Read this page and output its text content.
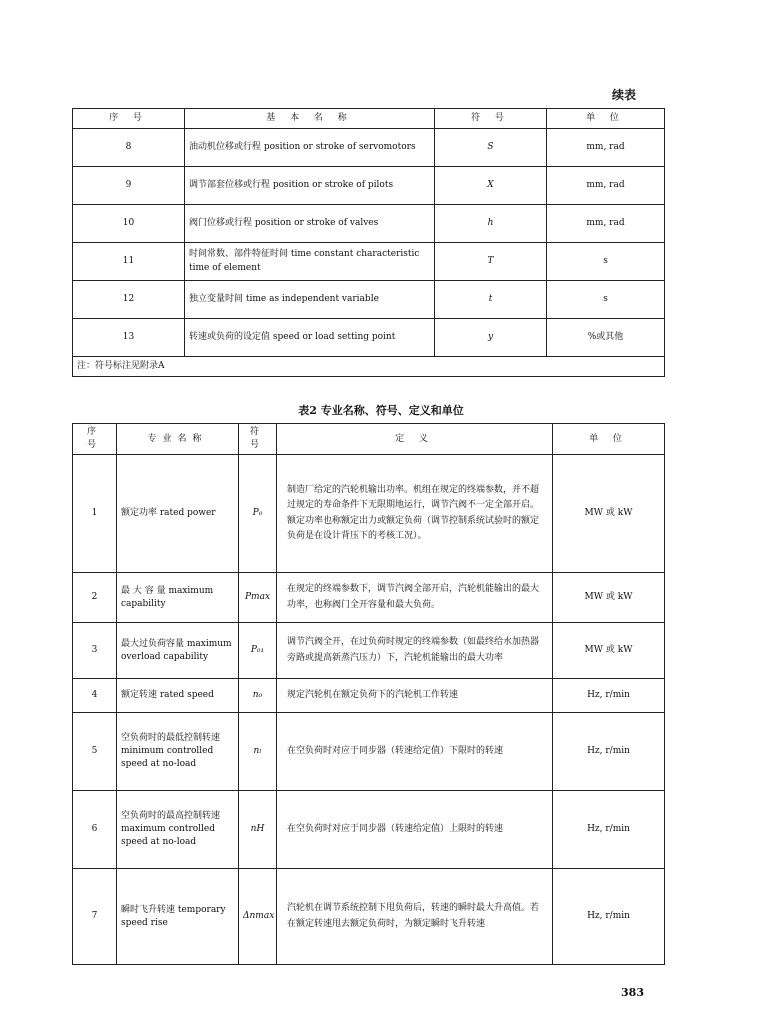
续表
序 号	基 本 名 称	符 号	单 位
8	油动机位移或行程 position or stroke of servomotors	S	mm, rad
9	调节部套位移或行程 position or stroke of pilots	X	mm, rad
10	阀门位移或行程 position or stroke of valves	h	mm, rad
11	时间常数、部件特征时间 time constant characteristic time of element	T	s
12	独立变量时间 time as independent variable	t	s
13	转速或负荷的设定值 speed or load setting point	y	%或其他
注：符号标注见附录A			
表2 专业名称、符号、定义和单位
序 号	专业名称	符 号	定 义	单 位
1	额定功率 rated power	P₀	制造厂给定的汽轮机输出功率。机组在规定的终端参数，并不超过规定的寿命条件下无限期地运行，调节汽阀不一定全部开启。额定功率也称额定出力或额定负荷（调节控制系统试验时的额定负荷是在设计背压下的考核工况）。	MW 或 kW
2	最 大 容 量 maximum capability	Pmax	在规定的终端参数下，调节汽阀全部开启，汽轮机能输出的最大功率，也称阀门全开容量和最大负荷。	MW 或 kW
3	最大过负荷容量 maximum overload capability	P₀₁	调节汽阀全开，在过负荷时规定的终端参数（如最终给水加热器旁路或提高新蒸汽压力）下，汽轮机能输出的最大功率	MW 或 kW
4	额定转速 rated speed	n₀	规定汽轮机在额定负荷下的汽轮机工作转速	Hz, r/min
5	空负荷时的最低控制转速 minimum controlled speed at no-load	nₗ	在空负荷时对应于同步器（转速给定值）下限时的转速	Hz, r/min
6	空负荷时的最高控制转速 maximum controlled speed at no-load	nH	在空负荷时对应于同步器（转速给定值）上限时的转速	Hz, r/min
7	瞬时飞升转速 temporary speed rise	Δnmax	汽轮机在调节系统控制下甩负荷后，转速的瞬时最大升高值。若在额定转速甩去额定负荷时，为额定瞬时飞升转速	Hz, r/min
383
